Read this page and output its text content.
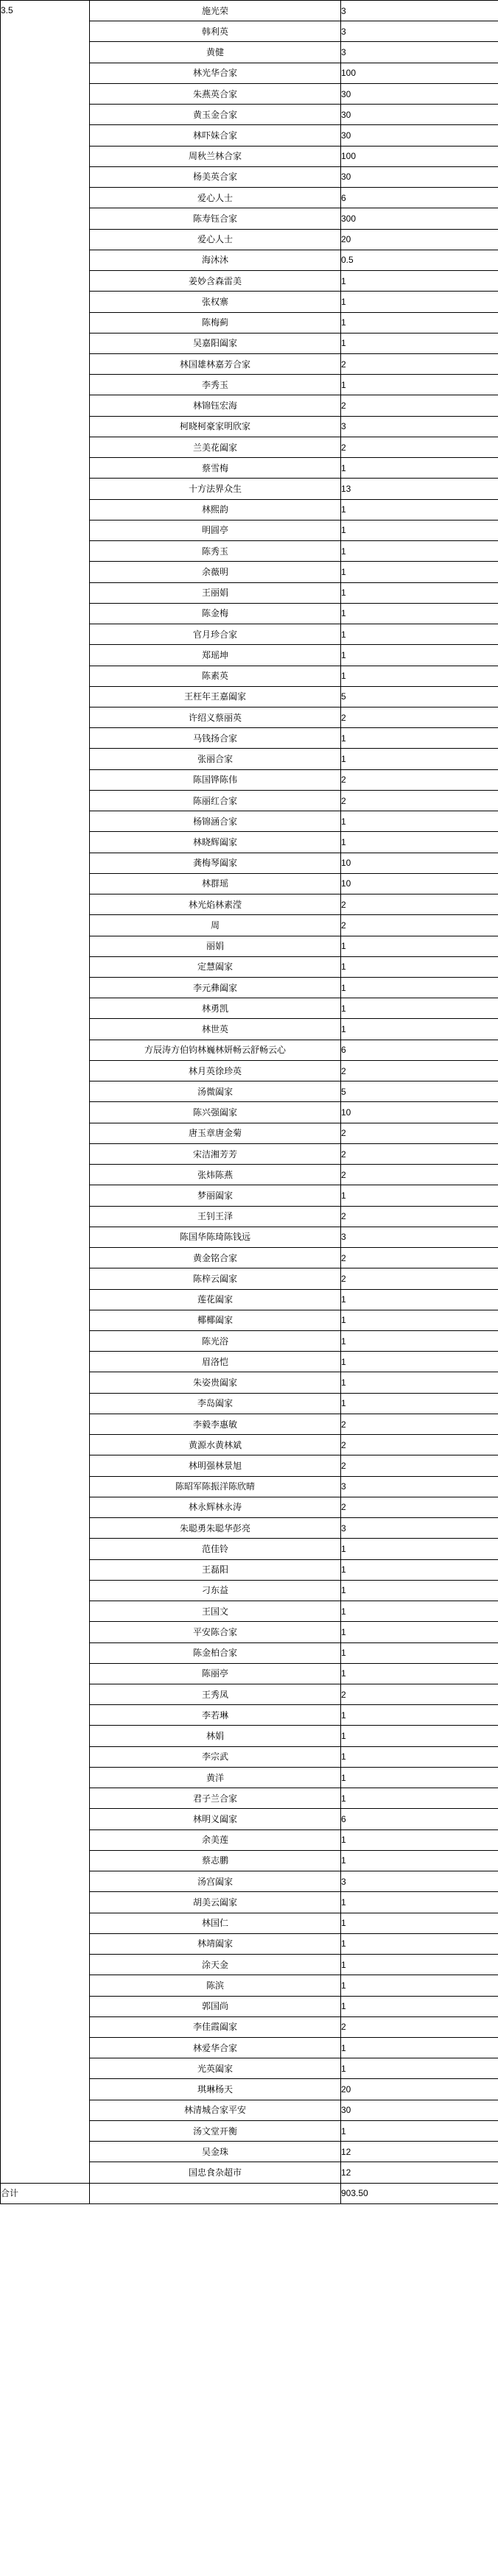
3.5	施光荣	3
	韩利英	3
	黄健	3
	林光华合家	100
	朱燕英合家	30
	黄玉金合家	30
	林吓妹合家	30
	周秋兰林合家	100
	杨美英合家	30
	爱心人士	6
	陈寿钰合家	300
	爱心人士	20
	海沐沐	0.5
	姜妙含森雷美	1
	张权寨	1
	陈梅蓟	1
	吴嘉阳阖家	1
	林国雄林嘉芳合家	2
	李秀玉	1
	林锦钰宏海	2
	柯晓柯豪家明欣家	3
	兰美花阖家	2
	蔡雪梅	1
	十方法界众生	13
	林熙韵	1
	明圆亭	1
	陈秀玉	1
	余薇明	1
	王丽娟	1
	陈金梅	1
	官月珍合家	1
	郑瑶坤	1
	陈素英	1
	王枉年王嘉阖家	5
	许绍义蔡丽英	2
	马钱扬合家	1
	张丽合家	1
	陈国铧陈伟	2
	陈丽红合家	2
	杨锦涵合家	1
	林晓辉阖家	1
	龚梅琴阖家	10
	林群瑶	10
	林光焰林素滢	2
	周	2
	丽娟	1
	定慧阖家	1
	李元彝阖家	1
	林勇凯	1
	林世英	1
	方辰涛方伯钧林巍林妍畅云舒畅云心	6
	林月英徐珍英	2
	汤微阖家	5
	陈兴强阖家	10
	唐玉章唐金菊	2
	宋洁湘芳芳	2
	张炜陈燕	2
	梦丽阖家	1
	王钊王泽	2
	陈国华陈琦陈钱远	3
	黄金铭合家	2
	陈梓云阖家	2
	莲花阖家	1
	椰椰阖家	1
	陈光浴	1
	眉洛恺	1
	朱姿贵阖家	1
	李岛阖家	1
	李毅李惠敏	2
	黄源水黄林斌	2
	林明强林景旭	2
	陈昭军陈振洋陈欣晴	3
	林永辉林永涛	2
	朱聪勇朱聪华彭亮	3
	范佳铃	1
	王磊阳	1
	刁东益	1
	王国文	1
	平安陈合家	1
	陈金柏合家	1
	陈丽亭	1
	王秀凤	2
	李若琳	1
	林娟	1
	李宗武	1
	黄洋	1
	君子兰合家	1
	林明义阖家	6
	余美莲	1
	蔡志鹏	1
	汤宫阖家	3
	胡美云阖家	1
	林国仁	1
	林靖阖家	1
	涂天金	1
	陈滨	1
	郭国尚	1
	李佳霞阖家	2
	林爱华合家	1
	光英阖家	1
	琪琳杨天	20
	林清城合家平安	30
	汤文堂开衡	1
	吴金珠	12
	国忠食杂超市	12
合计		903.50
